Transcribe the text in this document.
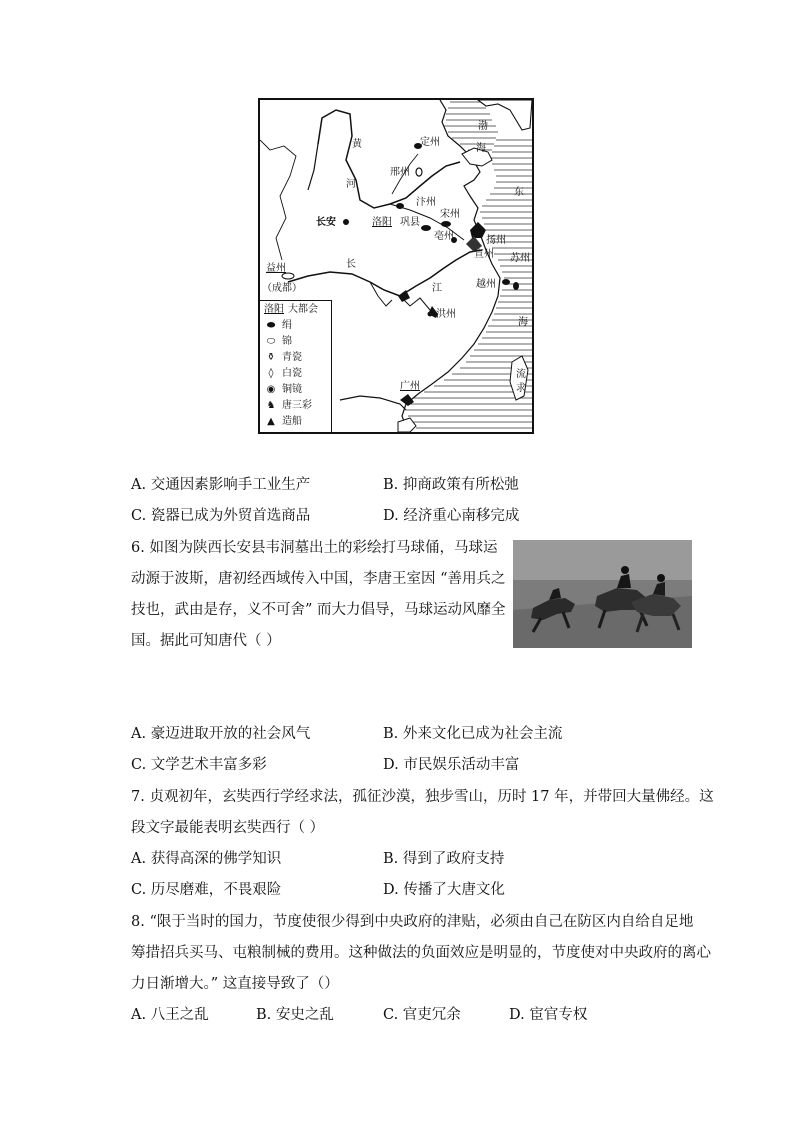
定州
邢州
汴州
宋州
长安	洛阳 巩县
亳州	扬州
宣州 苏州
越州
益州
（成都）
洪州
广州
黄
河
渤
海
东
海
长
江
流
求
洛阳 大都会
⬬ 绢
⬭ 锦
⚱ 青瓷
◊ 白瓷
◉ 铜镜
♞ 唐三彩
▲ 造船
A. 交通因素影响手工业生产	B. 抑商政策有所松弛
C. 瓷器已成为外贸首选商品	D. 经济重心南移完成
6. 如图为陕西长安县韦洞墓出土的彩绘打马球俑，马球运
动源于波斯，唐初经西域传入中国，李唐王室因 “善用兵之
技也，武由是存，义不可舍” 而大力倡导，马球运动风靡全
国。据此可知唐代（ ）
A. 豪迈进取开放的社会风气	B. 外来文化已成为社会主流
C. 文学艺术丰富多彩	D. 市民娱乐活动丰富
7. 贞观初年，玄奘西行学经求法，孤征沙漠，独步雪山，历时 17 年，并带回大量佛经。这
段文字最能表明玄奘西行（ ）
A. 获得高深的佛学知识	B. 得到了政府支持
C. 历尽磨难，不畏艰险	D. 传播了大唐文化
8. “限于当时的国力，节度使很少得到中央政府的津贴，必须由自己在防区内自给自足地
筹措招兵买马、屯粮制械的费用。这种做法的负面效应是明显的，节度使对中央政府的离心
力日渐增大。” 这直接导致了（）
A. 八王之乱	B. 安史之乱	C. 官吏冗余	D. 宦官专权
